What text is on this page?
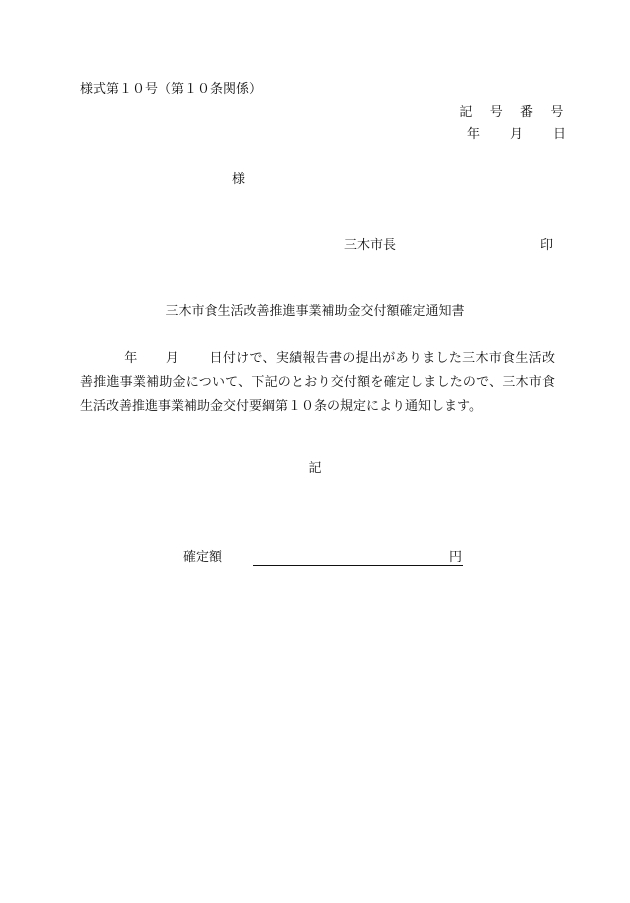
様式第１０号（第１０条関係）
記 号 番 号
年 月 日
様
三木市長	印
三木市食生活改善推進事業補助金交付額確定通知書
年 月 日付けで、実績報告書の提出がありました三木市食生活改善推進事業補助金について、下記のとおり交付額を確定しましたので、三木市食生活改善推進事業補助金交付要綱第１０条の規定により通知します。
記
確定額	円
